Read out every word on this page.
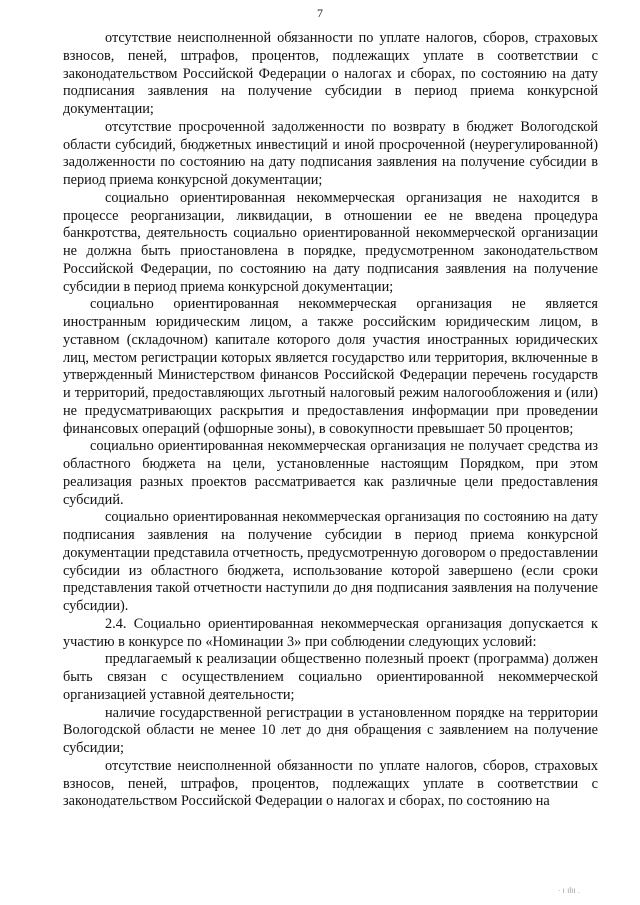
7

отсутствие неисполненной обязанности по уплате налогов, сборов, страховых взносов, пеней, штрафов, процентов, подлежащих уплате в соответствии с законодательством Российской Федерации о налогах и сборах, по состоянию на дату подписания заявления на получение субсидии в период приема конкурсной документации;

отсутствие просроченной задолженности по возврату в бюджет Вологодской области субсидий, бюджетных инвестиций и иной просроченной (неурегулированной) задолженности по состоянию на дату подписания заявления на получение субсидии в период приема конкурсной документации;

социально ориентированная некоммерческая организация не находится в процессе реорганизации, ликвидации, в отношении ее не введена процедура банкротства, деятельность социально ориентированной некоммерческой организации не должна быть приостановлена в порядке, предусмотренном законодательством Российской Федерации, по состоянию на дату подписания заявления на получение субсидии в период приема конкурсной документации;

социально ориентированная некоммерческая организация не является иностранным юридическим лицом, а также российским юридическим лицом, в уставном (складочном) капитале которого доля участия иностранных юридических лиц, местом регистрации которых является государство или территория, включенные в утвержденный Министерством финансов Российской Федерации перечень государств и территорий, предоставляющих льготный налоговый режим налогообложения и (или) не предусматривающих раскрытия и предоставления информации при проведении финансовых операций (офшорные зоны), в совокупности превышает 50 процентов;

социально ориентированная некоммерческая организация не получает средства из областного бюджета на цели, установленные настоящим Порядком, при этом реализация разных проектов рассматривается как различные цели предоставления субсидий.

социально ориентированная некоммерческая организация по состоянию на дату подписания заявления на получение субсидии в период приема конкурсной документации представила отчетность, предусмотренную договором о предоставлении субсидии из областного бюджета, использование которой завершено (если сроки представления такой отчетности наступили до дня подписания заявления на получение субсидии).

2.4. Социально ориентированная некоммерческая организация допускается к участию в конкурсе по «Номинации 3» при соблюдении следующих условий:

предлагаемый к реализации общественно полезный проект (программа) должен быть связан с осуществлением социально ориентированной некоммерческой организацией уставной деятельности;

наличие государственной регистрации в установленном порядке на территории Вологодской области не менее 10 лет до дня обращения с заявлением на получение субсидии;

отсутствие неисполненной обязанности по уплате налогов, сборов, страховых взносов, пеней, штрафов, процентов, подлежащих уплате в соответствии с законодательством Российской Федерации о налогах и сборах, по состоянию на

· ı ılıı .
